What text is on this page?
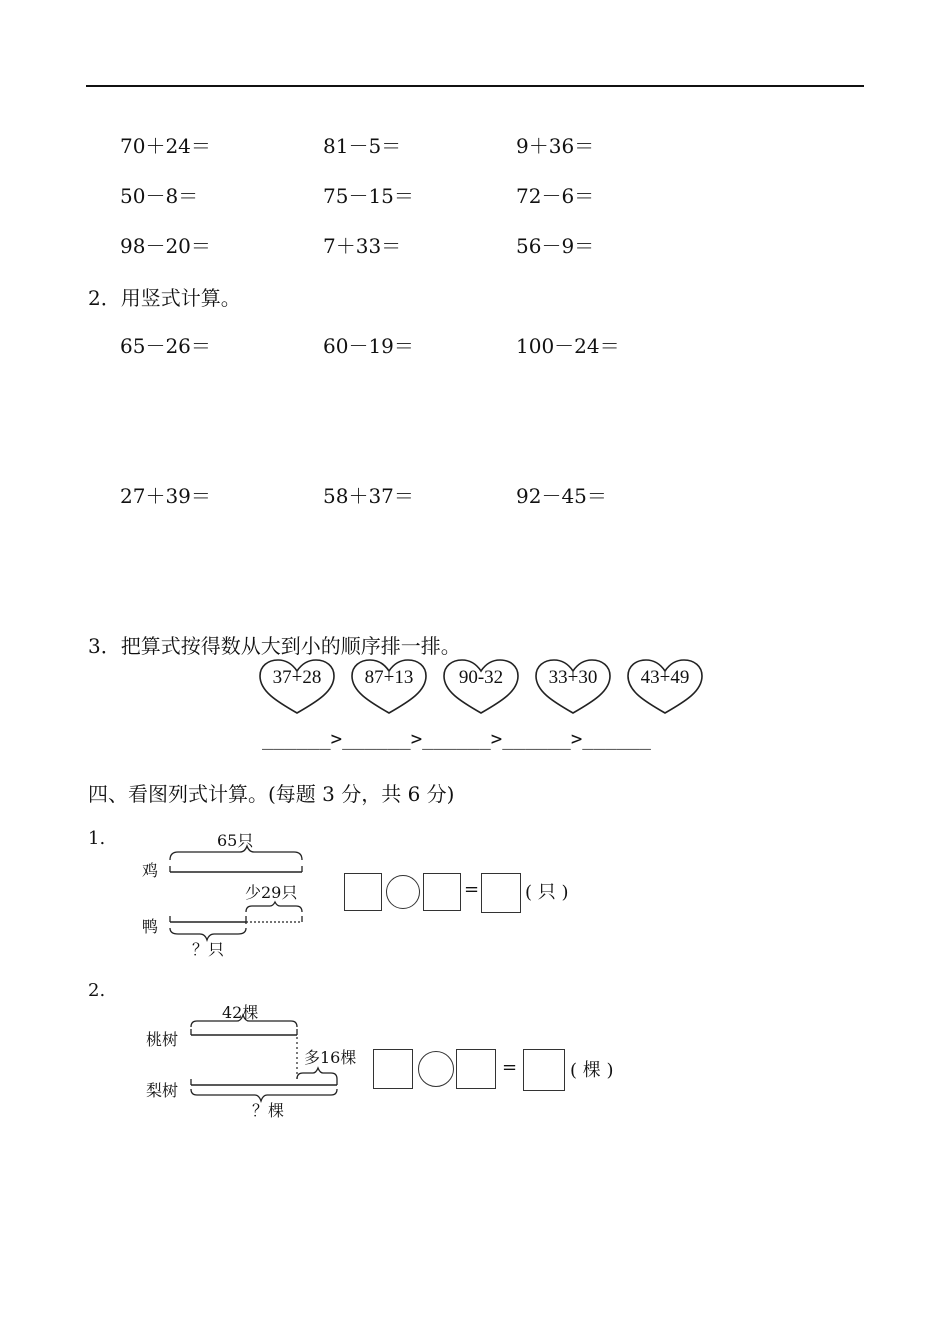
70＋24＝	81－5＝	9＋36＝
50－8＝	75－15＝	72－6＝
98－20＝	7＋33＝	56－9＝
2．用竖式计算。
65－26＝	60－19＝	100－24＝
27＋39＝	58＋37＝	92－45＝
3．把算式按得数从大到小的顺序排一排。
37+28	87+13	90-32	33+30	43+49
______>______>______>______>______
四、看图列式计算。(每题 3 分，共 6 分)
1.	65只
鸡
少29只
鸭
？只
=	( 只 )
2.
42棵
桃树
多16棵
梨树
？棵
=	( 棵 )
